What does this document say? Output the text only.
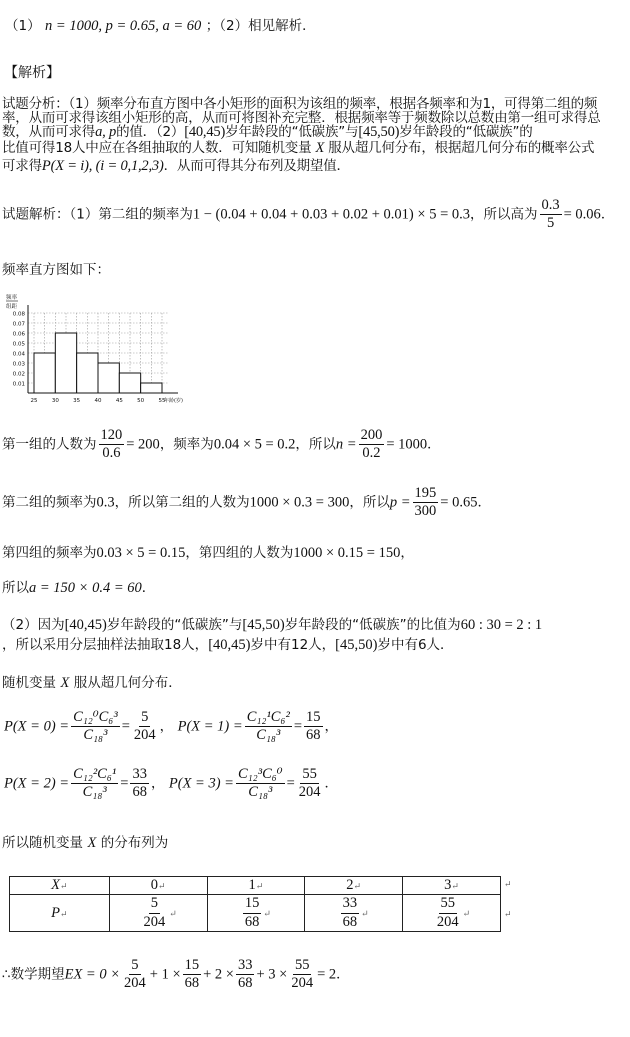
（1） n = 1000, p = 0.65, a = 60 ；（2）相见解析．
【解析】
试题分析：（1）频率分布直方图中各小矩形的面积为该组的频率，根据各频率和为1，可得第二组的频
率，从而可求得该组小矩形的高，从而可将图补充完整．根据频率等于频数除以总数由第一组可求得总
数，从而可求得a, p的值．（2）[40,45)岁年龄段的“低碳族”与[45,50)岁年龄段的“低碳族”的
比值可得18人中应在各组抽取的人数．可知随机变量 X 服从超几何分布，根据超几何分布的概率公式
可求得P(X = i), (i = 0,1,2,3)．从而可得其分布列及期望值．
试题解析：（1）第二组的频率为1 − (0.04 + 0.04 + 0.03 + 0.02 + 0.01) × 5 = 0.3，所以高为 $\frac{0.3}{5} = 0.06$．
频率直方图如下：
0.08
0.07
0.06
0.05
0.04
0.03
0.02
0.01
25	30	35	40	45	50	55
频率
组距
年龄(岁)
第一组的人数为 $\frac{120}{0.6} = 200$，频率为0.04 × 5 = 0.2，所以$n = \frac{200}{0.2} = 1000$．
第二组的频率为0.3，所以第二组的人数为1000 × 0.3 = 300，所以$p = \frac{195}{300} = 0.65$．
第四组的频率为0.03 × 5 = 0.15，第四组的人数为1000 × 0.15 = 150，
所以a = 150 × 0.4 = 60．
（2）因为[40,45)岁年龄段的“低碳族”与[45,50)岁年龄段的“低碳族”的比值为60 : 30 = 2 : 1
，所以采用分层抽样法抽取18人，[40,45)岁中有12人，[45,50)岁中有6人．
随机变量 X 服从超几何分布．
$P(X = 0) = \frac{\text{C₁₂⁰C₆³}}{\text{C₁₈³}} = \frac{5}{204}$ ， $P(X = 1) = \frac{\text{C₁₂¹C₆²}}{\text{C₁₈³}} = \frac{15}{68}$ ，
$P(X = 2) = \frac{\text{C₁₂²C₆¹}}{\text{C₁₈³}} = \frac{33}{68}$ ， $P(X = 3) = \frac{\text{C₁₂³C₆⁰}}{\text{C₁₈³}} = \frac{55}{204}$ ．
所以随机变量 X 的分布列为
X↵	0↵	1↵	2↵	3↵
P↵	$\frac{5}{204}$ ↵	$\frac{15}{68}$ ↵	$\frac{33}{68}$ ↵	$\frac{55}{204}$ ↵
↵
↵
∴数学期望EX = $0 \times \frac{5}{204} + 1 \times \frac{15}{68} + 2 \times \frac{33}{68} + 3 \times \frac{55}{204} = 2$．
